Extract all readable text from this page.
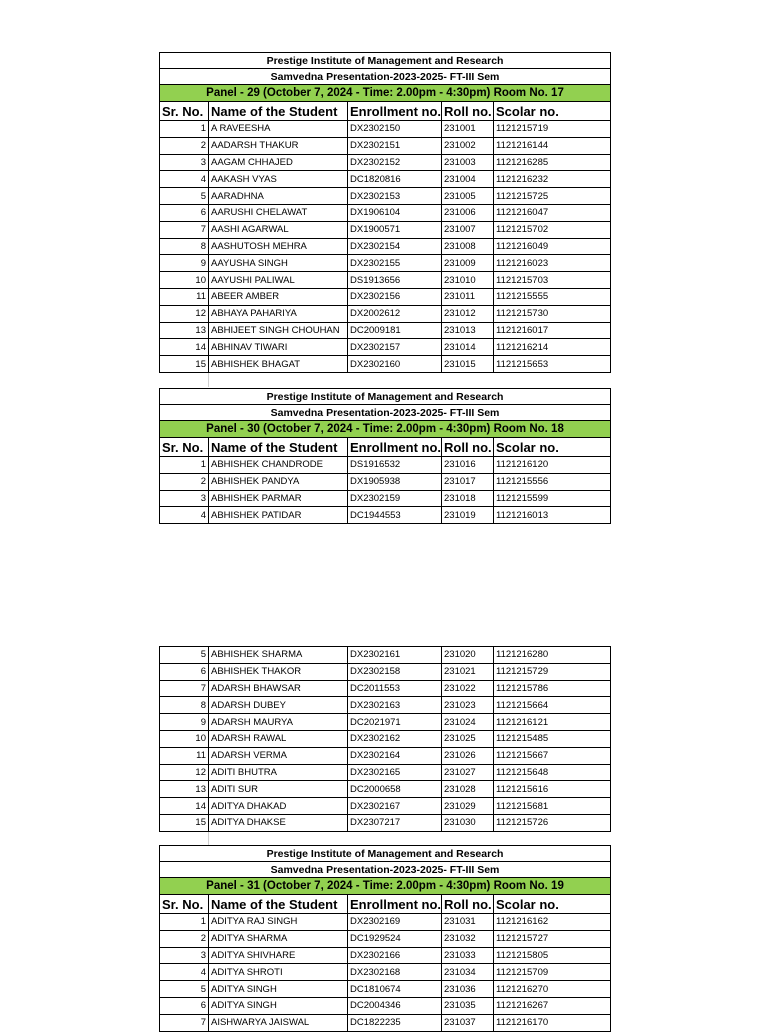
Prestige Institute of Management and Research				
Samvedna Presentation-2023-2025- FT-III Sem				
Panel - 29 (October 7, 2024 - Time: 2.00pm - 4:30pm) Room No. 17				
Sr. No.	Name of the Student	Enrollment no.	Roll no.	Scolar no.
1	A RAVEESHA	DX2302150	231001	1121215719
2	AADARSH THAKUR	DX2302151	231002	1121216144
3	AAGAM CHHAJED	DX2302152	231003	1121216285
4	AAKASH VYAS	DC1820816	231004	1121216232
5	AARADHNA	DX2302153	231005	1121215725
6	AARUSHI CHELAWAT	DX1906104	231006	1121216047
7	AASHI AGARWAL	DX1900571	231007	1121215702
8	AASHUTOSH MEHRA	DX2302154	231008	1121216049
9	AAYUSHA SINGH	DX2302155	231009	1121216023
10	AAYUSHI PALIWAL	DS1913656	231010	1121215703
11	ABEER AMBER	DX2302156	231011	1121215555
12	ABHAYA PAHARIYA	DX2002612	231012	1121215730
13	ABHIJEET SINGH CHOUHAN	DC2009181	231013	1121216017
14	ABHINAV TIWARI	DX2302157	231014	1121216214
15	ABHISHEK BHAGAT	DX2302160	231015	1121215653

Prestige Institute of Management and Research				
Samvedna Presentation-2023-2025- FT-III Sem				
Panel - 30 (October 7, 2024 - Time: 2.00pm - 4:30pm) Room No. 18				
Sr. No.	Name of the Student	Enrollment no.	Roll no.	Scolar no.
1	ABHISHEK CHANDRODE	DS1916532	231016	1121216120
2	ABHISHEK PANDYA	DX1905938	231017	1121215556
3	ABHISHEK PARMAR	DX2302159	231018	1121215599
4	ABHISHEK PATIDAR	DC1944553	231019	1121216013
5	ABHISHEK SHARMA	DX2302161	231020	1121216280
6	ABHISHEK THAKOR	DX2302158	231021	1121215729
7	ADARSH BHAWSAR	DC2011553	231022	1121215786
8	ADARSH DUBEY	DX2302163	231023	1121215664
9	ADARSH MAURYA	DC2021971	231024	1121216121
10	ADARSH RAWAL	DX2302162	231025	1121215485
11	ADARSH VERMA	DX2302164	231026	1121215667
12	ADITI BHUTRA	DX2302165	231027	1121215648
13	ADITI SUR	DC2000658	231028	1121215616
14	ADITYA DHAKAD	DX2302167	231029	1121215681
15	ADITYA DHAKSE	DX2307217	231030	1121215726

Prestige Institute of Management and Research				
Samvedna Presentation-2023-2025- FT-III Sem				
Panel - 31 (October 7, 2024 - Time: 2.00pm - 4:30pm) Room No. 19				
Sr. No.	Name of the Student	Enrollment no.	Roll no.	Scolar no.
1	ADITYA RAJ SINGH	DX2302169	231031	1121216162
2	ADITYA SHARMA	DC1929524	231032	1121215727
3	ADITYA SHIVHARE	DX2302166	231033	1121215805
4	ADITYA SHROTI	DX2302168	231034	1121215709
5	ADITYA SINGH	DC1810674	231036	1121216270
6	ADITYA SINGH	DC2004346	231035	1121216267
7	AISHWARYA JAISWAL	DC1822235	231037	1121216170
